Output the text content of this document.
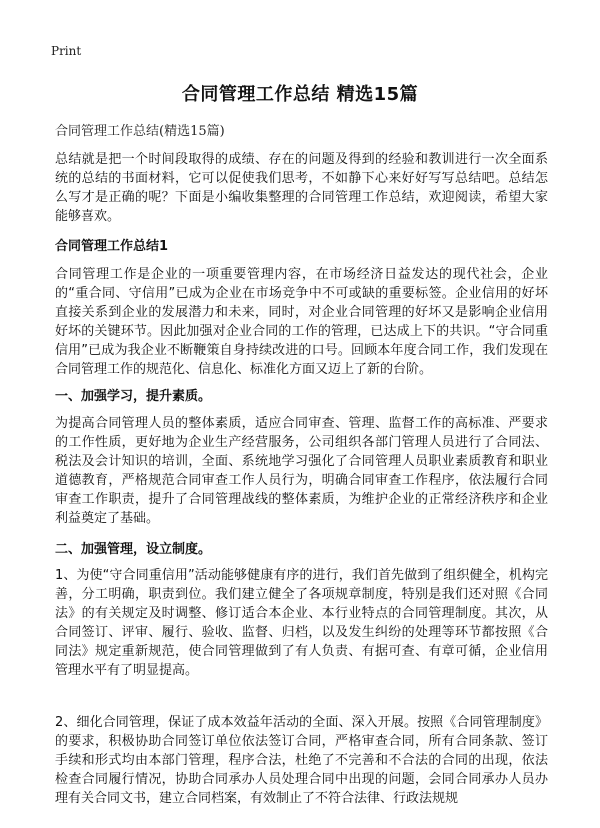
Print
合同管理工作总结 精选15篇
合同管理工作总结(精选15篇)

总结就是把一个时间段取得的成绩、存在的问题及得到的经验和教训进行一次全面系统的总结的书面材料，它可以促使我们思考，不如静下心来好好写写总结吧。总结怎么写才是正确的呢？下面是小编收集整理的合同管理工作总结，欢迎阅读，希望大家能够喜欢。

合同管理工作总结1

合同管理工作是企业的一项重要管理内容，在市场经济日益发达的现代社会，企业的“重合同、守信用”已成为企业在市场竞争中不可或缺的重要标签。企业信用的好坏直接关系到企业的发展潜力和未来，同时，对企业合同管理的好坏又是影响企业信用好坏的关键环节。因此加强对企业合同的工作的管理，已达成上下的共识。“守合同重信用”已成为我企业不断鞭策自身持续改进的口号。回顾本年度合同工作，我们发现在合同管理工作的规范化、信息化、标准化方面又迈上了新的台阶。

一、加强学习，提升素质。

为提高合同管理人员的整体素质，适应合同审查、管理、监督工作的高标准、严要求的工作性质，更好地为企业生产经营服务，公司组织各部门管理人员进行了合同法、税法及会计知识的培训，全面、系统地学习强化了合同管理人员职业素质教育和职业道德教育，严格规范合同审查工作人员行为，明确合同审查工作程序，依法履行合同审查工作职责，提升了合同管理战线的整体素质，为维护企业的正常经济秩序和企业利益奠定了基础。

二、加强管理，设立制度。

1、为使“守合同重信用”活动能够健康有序的进行，我们首先做到了组织健全，机构完善，分工明确，职责到位。我们建立健全了各项规章制度，特别是我们还对照《合同法》的有关规定及时调整、修订适合本企业、本行业特点的合同管理制度。其次，从合同签订、评审、履行、验收、监督、归档，以及发生纠纷的处理等环节都按照《合同法》规定重新规范，使合同管理做到了有人负责、有据可查、有章可循，企业信用管理水平有了明显提高。

2、细化合同管理，保证了成本效益年活动的全面、深入开展。按照《合同管理制度》的要求，积极协助合同签订单位依法签订合同，严格审查合同，所有合同条款、签订手续和形式均由本部门管理，程序合法，杜绝了不完善和不合法的合同的出现，依法检查合同履行情况，协助合同承办人员处理合同中出现的问题，会同合同承办人员办理有关合同文书，建立合同档案，有效制止了不符合法律、行政法规规
